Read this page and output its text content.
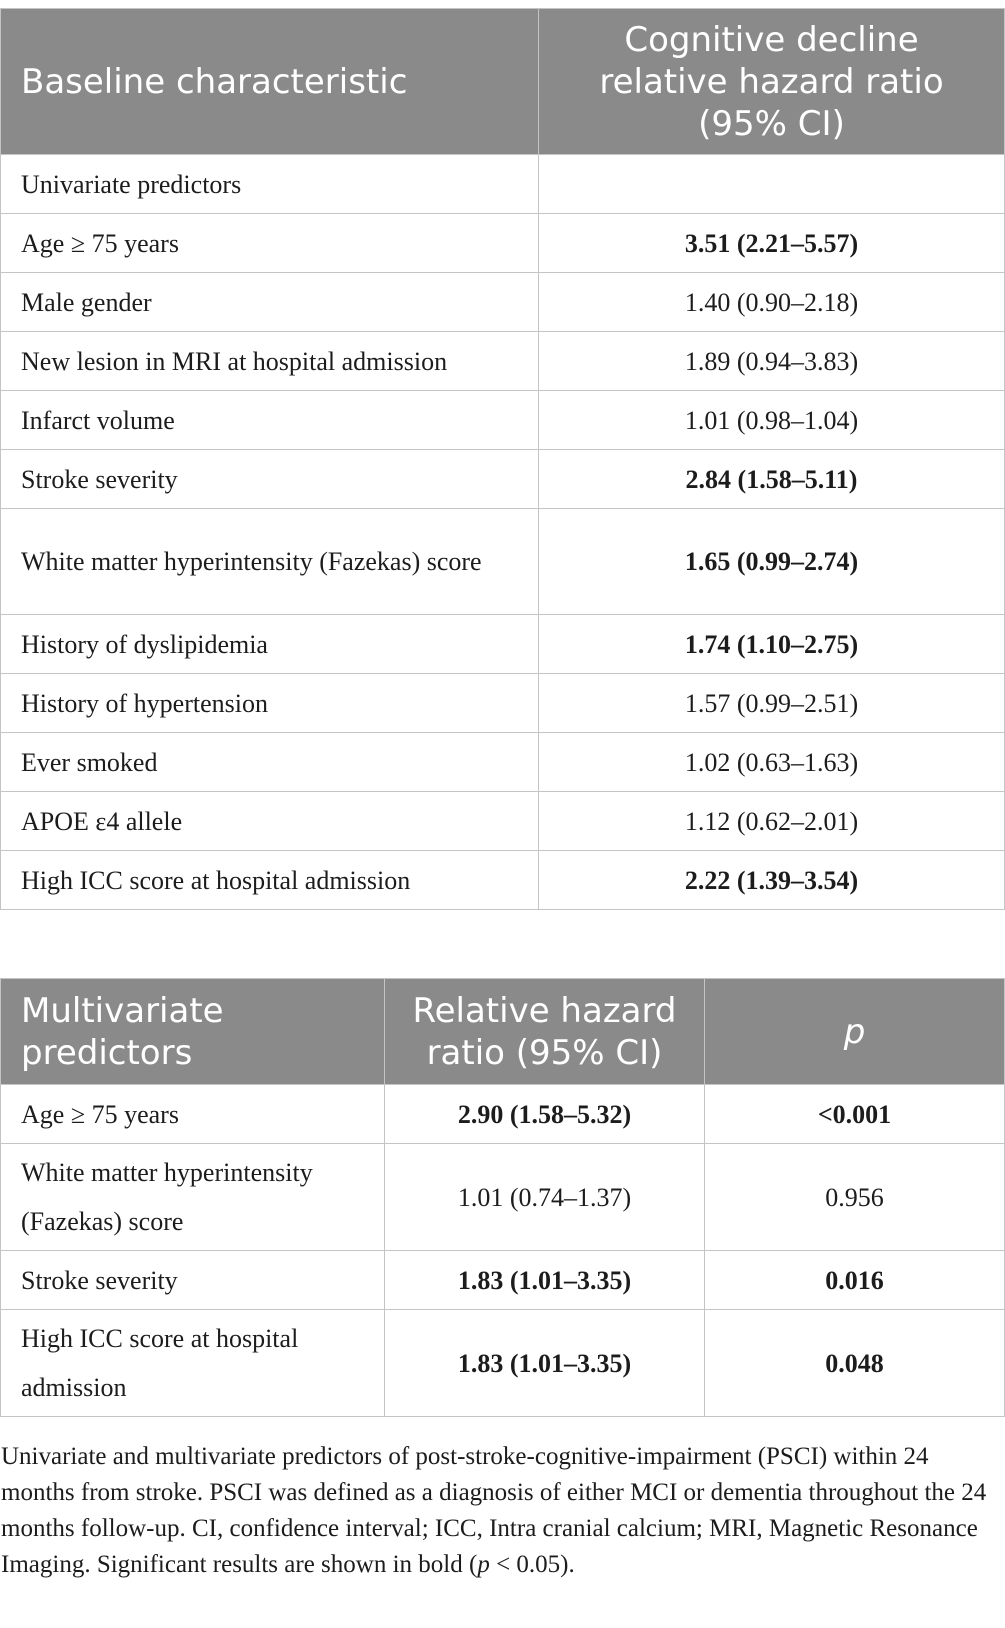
Baseline characteristic	Cognitive decline relative hazard ratio (95% CI)
Univariate predictors	
Age ≥ 75 years	3.51 (2.21–5.57)
Male gender	1.40 (0.90–2.18)
New lesion in MRI at hospital admission	1.89 (0.94–3.83)
Infarct volume	1.01 (0.98–1.04)
Stroke severity	2.84 (1.58–5.11)
White matter hyperintensity (Fazekas) score	1.65 (0.99–2.74)
History of dyslipidemia	1.74 (1.10–2.75)
History of hypertension	1.57 (0.99–2.51)
Ever smoked	1.02 (0.63–1.63)
APOE ε4 allele	1.12 (0.62–2.01)
High ICC score at hospital admission	2.22 (1.39–3.54)
Multivariate predictors	Relative hazard ratio (95% CI)	p
Age ≥ 75 years	2.90 (1.58–5.32)	<0.001
White matter hyperintensity (Fazekas) score	1.01 (0.74–1.37)	0.956
Stroke severity	1.83 (1.01–3.35)	0.016
High ICC score at hospital admission	1.83 (1.01–3.35)	0.048
Univariate and multivariate predictors of post-stroke-cognitive-impairment (PSCI) within 24 months from stroke. PSCI was defined as a diagnosis of either MCI or dementia throughout the 24 months follow-up. CI, confidence interval; ICC, Intra cranial calcium; MRI, Magnetic Resonance Imaging. Significant results are shown in bold (p < 0.05).
